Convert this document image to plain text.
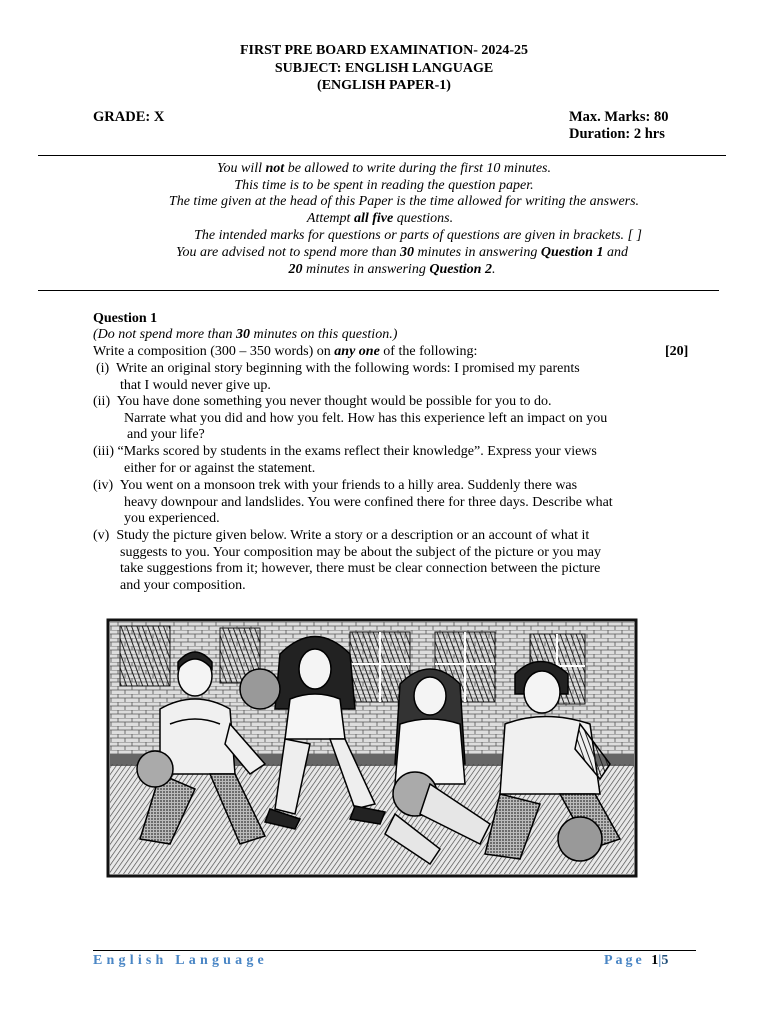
FIRST PRE BOARD EXAMINATION- 2024-25
SUBJECT: ENGLISH LANGUAGE
(ENGLISH PAPER-1)
GRADE: X	Max. Marks: 80
Duration: 2 hrs
You will not be allowed to write during the first 10 minutes.
This time is to be spent in reading the question paper.
The time given at the head of this Paper is the time allowed for writing the answers.
Attempt all five questions.
The intended marks for questions or parts of questions are given in brackets. [ ]
You are advised not to spend more than 30 minutes in answering Question 1 and
20 minutes in answering Question 2.
Question 1
(Do not spend more than 30 minutes on this question.)
Write a composition (300 – 350 words) on any one of the following:	[20]
(i) Write an original story beginning with the following words: I promised my parents
that I would never give up.
(ii) You have done something you never thought would be possible for you to do.
Narrate what you did and how you felt. How has this experience left an impact on you
and your life?
(iii) “Marks scored by students in the exams reflect their knowledge”. Express your views
either for or against the statement.
(iv) You went on a monsoon trek with your friends to a hilly area. Suddenly there was
heavy downpour and landslides. You were confined there for three days. Describe what
you experienced.
(v) Study the picture given below. Write a story or a description or an account of what it
suggests to you. Your composition may be about the subject of the picture or you may
take suggestions from it; however, there must be clear connection between the picture
and your composition.
English Language	Page 1|5
